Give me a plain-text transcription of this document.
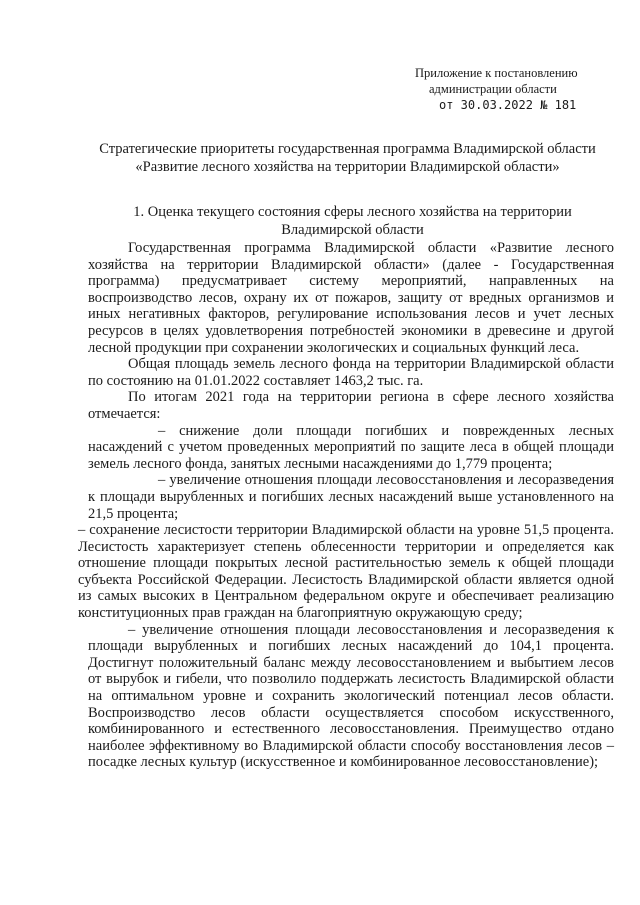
Приложение к постановлению
администрации области
от 30.03.2022 № 181
Стратегические приоритеты государственная программа Владимирской области
«Развитие лесного хозяйства на территории Владимирской области»
1. Оценка текущего состояния сферы лесного хозяйства на территории Владимирской области

Государственная программа Владимирской области «Развитие лесного хозяйства на территории Владимирской области» (далее - Государственная программа) предусматривает систему мероприятий, направленных на воспроизводство лесов, охрану их от пожаров, защиту от вредных организмов и иных негативных факторов, регулирование использования лесов и учет лесных ресурсов в целях удовлетворения потребностей экономики в древесине и другой лесной продукции при сохранении экологических и социальных функций леса.

Общая площадь земель лесного фонда на территории Владимирской области по состоянию на 01.01.2022 составляет 1463,2 тыс. га.

По итогам 2021 года на территории региона в сфере лесного хозяйства отмечается:

– снижение доли площади погибших и поврежденных лесных насаждений с учетом проведенных мероприятий по защите леса в общей площади земель лесного фонда, занятых лесными насаждениями до 1,779 процента;

– увеличение отношения площади лесовосстановления и лесоразведения к площади вырубленных и погибших лесных насаждений выше установленного на 21,5 процента;

– сохранение лесистости территории Владимирской области на уровне 51,5 процента. Лесистость характеризует степень облесенности территории и определяется как отношение площади покрытых лесной растительностью земель к общей площади субъекта Российской Федерации. Лесистость Владимирской области является одной из самых высоких в Центральном федеральном округе и обеспечивает реализацию конституционных прав граждан на благоприятную окружающую среду;

– увеличение отношения площади лесовосстановления и лесоразведения к площади вырубленных и погибших лесных насаждений до 104,1 процента. Достигнут положительный баланс между лесовосстановлением и выбытием лесов от вырубок и гибели, что позволило поддержать лесистость Владимирской области на оптимальном уровне и сохранить экологический потенциал лесов области. Воспроизводство лесов области осуществляется способом искусственного, комбинированного и естественного лесовосстановления. Преимущество отдано наиболее эффективному во Владимирской области способу восстановления лесов – посадке лесных культур (искусственное и комбинированное лесовосстановление);
